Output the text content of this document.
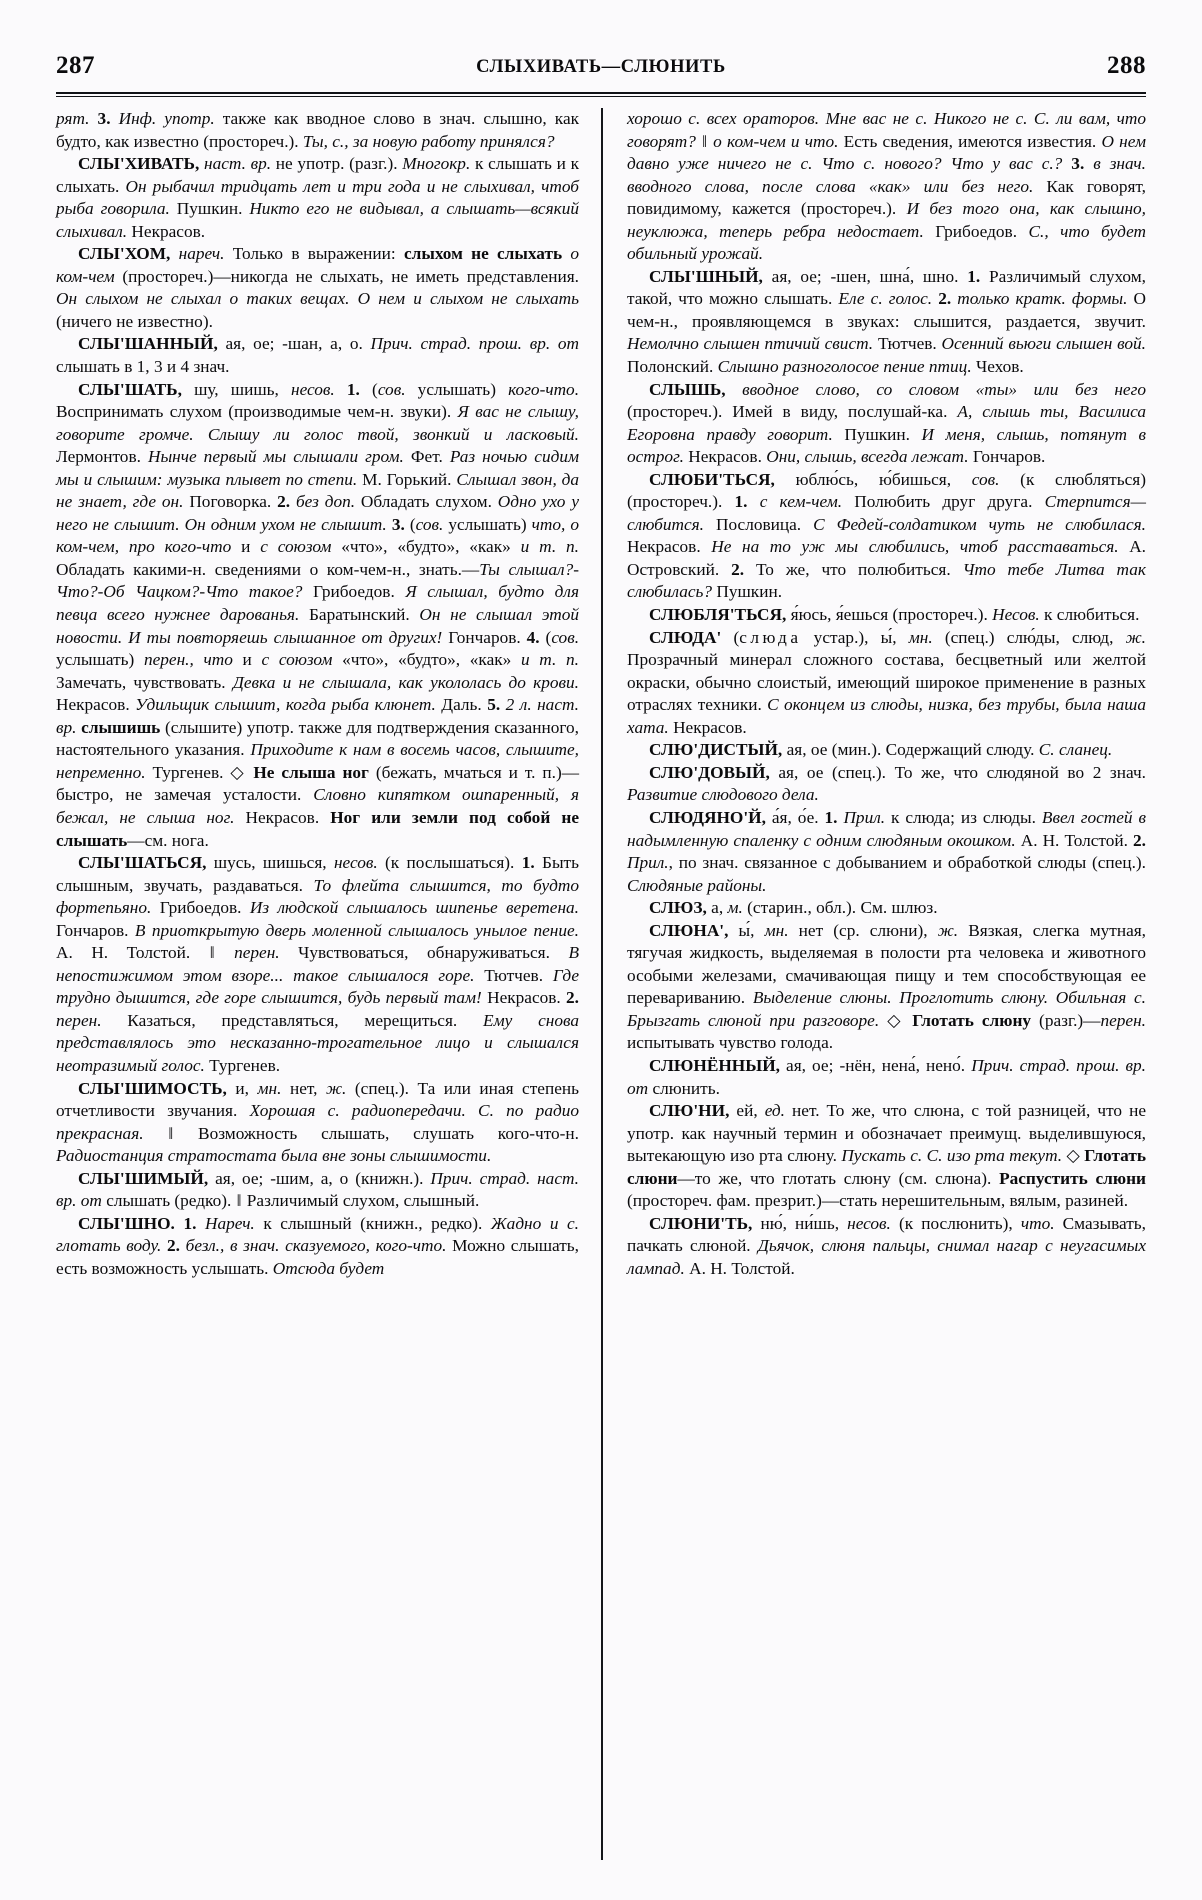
287	СЛЫХИВАТЬ—СЛЮНИТЬ	288

рят. 3. Инф. употр. также как вводное слово в знач. слышно, как будто, как известно (простореч.). Ты, с., за новую работу принялся?

СЛЫ'ХИВАТЬ, наст. вр. не употр. (разг.). Многокр. к слышать и к слыхать. Он рыбачил тридцать лет и три года и не слыхивал, чтоб рыба говорила. Пушкин. Никто его не видывал, а слышать—всякий слыхивал. Некрасов.

СЛЫ'ХОМ, нареч. Только в выражении: слыхом не слыхать о ком-чем (простореч.)—никогда не слыхать, не иметь представления. Он слыхом не слыхал о таких вещах. О нем и слыхом не слыхать (ничего не известно).

СЛЫ'ШАННЫЙ, ая, ое; -шан, а, о. Прич. страд. прош. вр. от слышать в 1, 3 и 4 знач.

СЛЫ'ШАТЬ, шу, шишь, несов. 1. (сов. услышать) кого-что. Воспринимать слухом (производимые чем-н. звуки). Я вас не слышу, говорите громче. Слышу ли голос твой, звонкий и ласковый. Лермонтов. Нынче первый мы слышали гром. Фет. Раз ночью сидим мы и слышим: музыка плывет по степи. М. Горький. Слышал звон, да не знает, где он. Поговорка. 2. без доп. Обладать слухом. Одно ухо у него не слышит. Он одним ухом не слышит. 3. (сов. услышать) что, о ком-чем, про кого-что и с союзом «что», «будто», «как» и т. п. Обладать какими-н. сведениями о ком-чем-н., знать.—Ты слышал?-Что?-Об Чацком?-Что такое? Грибоедов. Я слышал, будто для певца всего нужнее дарованья. Баратынский. Он не слышал этой новости. И ты повторяешь слышанное от других! Гончаров. 4. (сов. услышать) перен., что и с союзом «что», «будто», «как» и т. п. Замечать, чувствовать. Девка и не слышала, как укололась до крови. Некрасов. Удильщик слышит, когда рыба клюнет. Даль. 5. 2 л. наст. вр. слышишь (слышите) употр. также для подтверждения сказанного, настоятельного указания. Приходите к нам в восемь часов, слышите, непременно. Тургенев. ◇ Не слыша ног (бежать, мчаться и т. п.)—быстро, не замечая усталости. Словно кипятком ошпаренный, я бежал, не слыша ног. Некрасов. Ног или земли под собой не слышать—см. нога.

СЛЫ'ШАТЬСЯ, шусь, шишься, несов. (к послышаться). 1. Быть слышным, звучать, раздаваться. То флейта слышится, то будто фортепьяно. Грибоедов. Из людской слышалось шипенье веретена. Гончаров. В приоткрытую дверь моленной слышалось унылое пение. А. Н. Толстой. ‖ перен. Чувствоваться, обнаруживаться. В непостижимом этом взоре... такое слышалося горе. Тютчев. Где трудно дышится, где горе слышится, будь первый там! Некрасов. 2. перен. Казаться, представляться, мерещиться. Ему снова представлялось это несказанно-трогательное лицо и слышался неотразимый голос. Тургенев.

СЛЫ'ШИМОСТЬ, и, мн. нет, ж. (спец.). Та или иная степень отчетливости звучания. Хорошая с. радиопередачи. С. по радио прекрасная. ‖ Возможность слышать, слушать кого-что-н. Радиостанция стратостата была вне зоны слышимости.

СЛЫ'ШИМЫЙ, ая, ое; -шим, а, о (книжн.). Прич. страд. наст. вр. от слышать (редко). ‖ Различимый слухом, слышный.

СЛЫ'ШНО. 1. Нареч. к слышный (книжн., редко). Жадно и с. глотать воду. 2. безл., в знач. сказуемого, кого-что. Можно слышать, есть возможность услышать. Отсюда будет

хорошо с. всех ораторов. Мне вас не с. Никого не с. С. ли вам, что говорят? ‖ о ком-чем и что. Есть сведения, имеются известия. О нем давно уже ничего не с. Что с. нового? Что у вас с.? 3. в знач. вводного слова, после слова «как» или без него. Как говорят, повидимому, кажется (простореч.). И без того она, как слышно, неуклюжа, теперь ребра недостает. Грибоедов. С., что будет обильный урожай.

СЛЫ'ШНЫЙ, ая, ое; -шен, шна́, шно. 1. Различимый слухом, такой, что можно слышать. Еле с. голос. 2. только кратк. формы. О чем-н., проявляющемся в звуках: слышится, раздается, звучит. Немолчно слышен птичий свист. Тютчев. Осенний вьюги слышен вой. Полонский. Слышно разноголосое пение птиц. Чехов.

СЛЫШЬ, вводное слово, со словом «ты» или без него (простореч.). Имей в виду, послушай-ка. А, слышь ты, Василиса Егоровна правду говорит. Пушкин. И меня, слышь, потянут в острог. Некрасов. Они, слышь, всегда лежат. Гончаров.

СЛЮБИ'ТЬСЯ, юблю́сь, ю́бишься, сов. (к слюбляться) (простореч.). 1. с кем-чем. Полюбить друг друга. Стерпится—слюбится. Пословица. С Федей-солдатиком чуть не слюбилася. Некрасов. Не на то уж мы слюбились, чтоб расставаться. А. Островский. 2. То же, что полюбиться. Что тебе Литва так слюбилась? Пушкин.

СЛЮБЛЯ'ТЬСЯ, я́юсь, я́ешься (простореч.). Несов. к слюбиться.

СЛЮДА' (слюда устар.), ы́, мн. (спец.) слю́ды, слюд, ж. Прозрачный минерал сложного состава, бесцветный или желтой окраски, обычно слоистый, имеющий широкое применение в разных отраслях техники. С оконцем из слюды, низка, без трубы, была наша хата. Некрасов.

СЛЮ'ДИСТЫЙ, ая, ое (мин.). Содержащий слюду. С. сланец.

СЛЮ'ДОВЫЙ, ая, ое (спец.). То же, что слюдяной во 2 знач. Развитие слюдового дела.

СЛЮДЯНО'Й, а́я, о́е. 1. Прил. к слюда; из слюды. Ввел гостей в надымленную спаленку с одним слюдяным окошком. А. Н. Толстой. 2. Прил., по знач. связанное с добыванием и обработкой слюды (спец.). Слюдяные районы.

СЛЮЗ, а, м. (старин., обл.). См. шлюз.

СЛЮНА', ы́, мн. нет (ср. слюни), ж. Вязкая, слегка мутная, тягучая жидкость, выделяемая в полости рта человека и животного особыми железами, смачивающая пищу и тем способствующая ее перевариванию. Выделение слюны. Проглотить слюну. Обильная с. Брызгать слюной при разговоре. ◇ Глотать слюну (разг.)—перен. испытывать чувство голода.

СЛЮНЁННЫЙ, ая, ое; -нён, нена́, нено́. Прич. страд. прош. вр. от слюнить.

СЛЮ'НИ, ей, ед. нет. То же, что слюна, с той разницей, что не употр. как научный термин и обозначает преимущ. выделившуюся, вытекающую изо рта слюну. Пускать с. С. изо рта текут. ◇ Глотать слюни—то же, что глотать слюну (см. слюна). Распустить слюни (простореч. фам. презрит.)—стать нерешительным, вялым, разиней.

СЛЮНИ'ТЬ, ню́, ни́шь, несов. (к послюнить), что. Смазывать, пачкать слюной. Дьячок, слюня пальцы, снимал нагар с неугасимых лампад. А. Н. Толстой.
